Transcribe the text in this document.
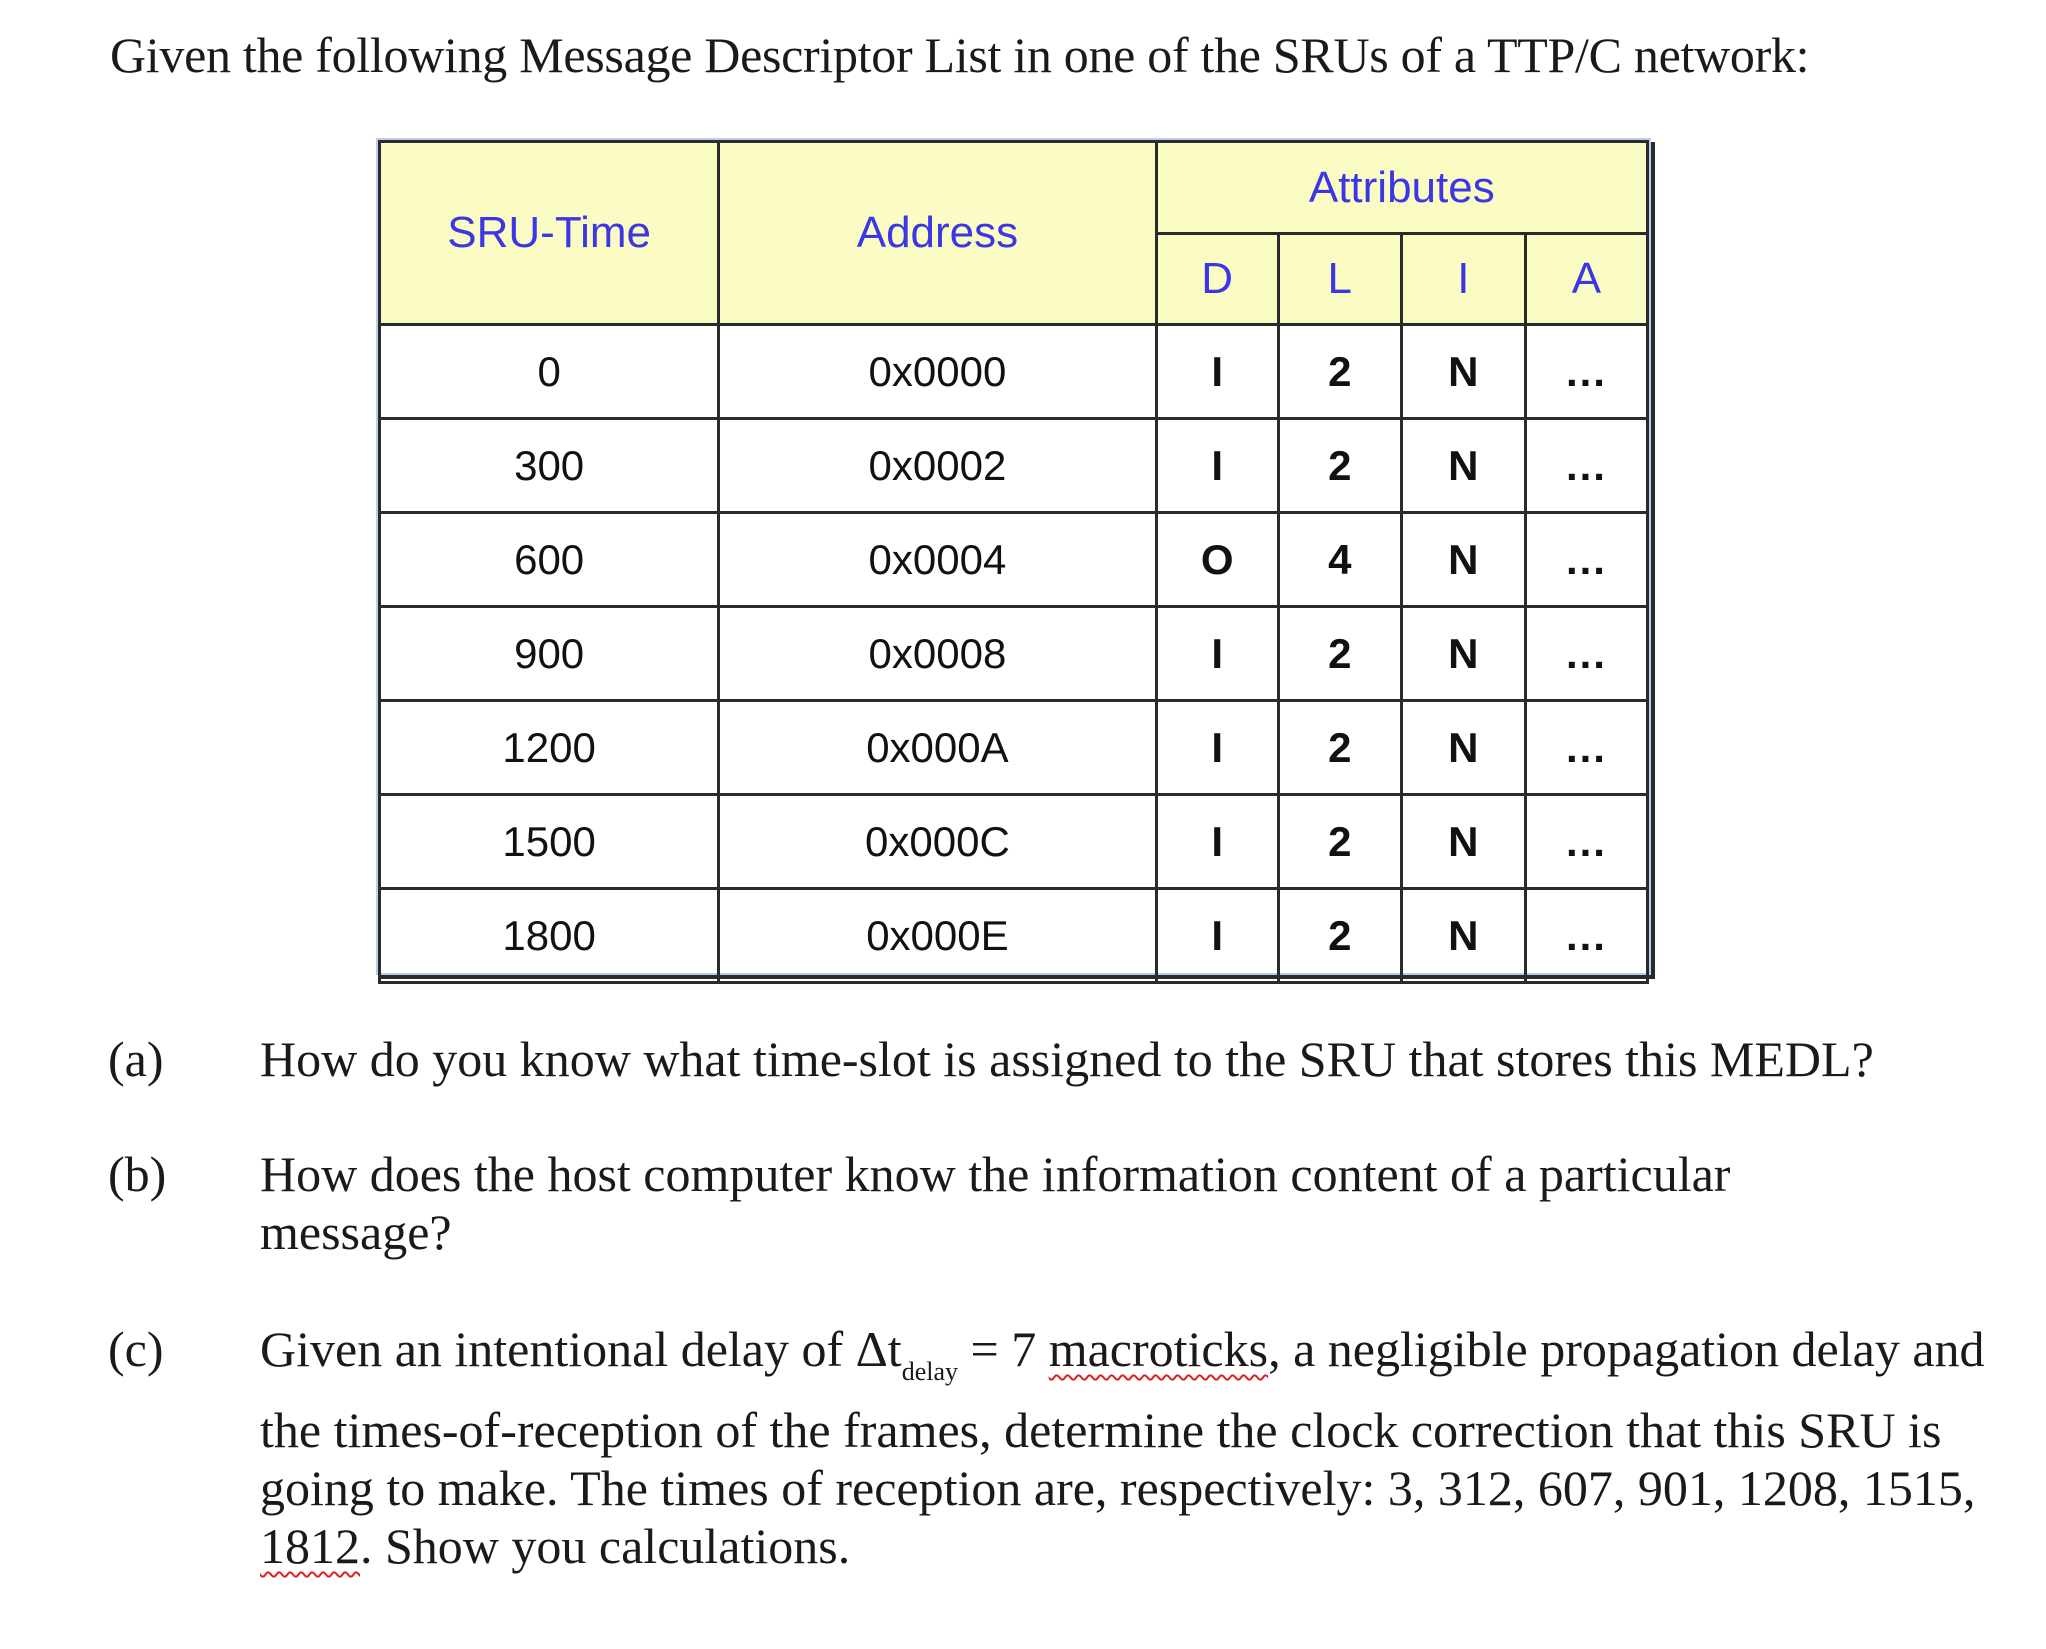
Given the following Message Descriptor List in one of the SRUs of a TTP/C network:
SRU-Time	Address	Attributes			
		D	L	I	A
0	0x0000	I	2	N	...
300	0x0002	I	2	N	...
600	0x0004	O	4	N	...
900	0x0008	I	2	N	...
1200	0x000A	I	2	N	...
1500	0x000C	I	2	N	...
1800	0x000E	I	2	N	...
(a) How do you know what time-slot is assigned to the SRU that stores this MEDL?
(b) How does the host computer know the information content of a particular message?
(c) Given an intentional delay of $\Delta t_{delay} = 7$ macroticks, a negligible propagation delay and the times-of-reception of the frames, determine the clock correction that this SRU is going to make. The times of reception are, respectively: 3, 312, 607, 901, 1208, 1515, 1812. Show you calculations.
